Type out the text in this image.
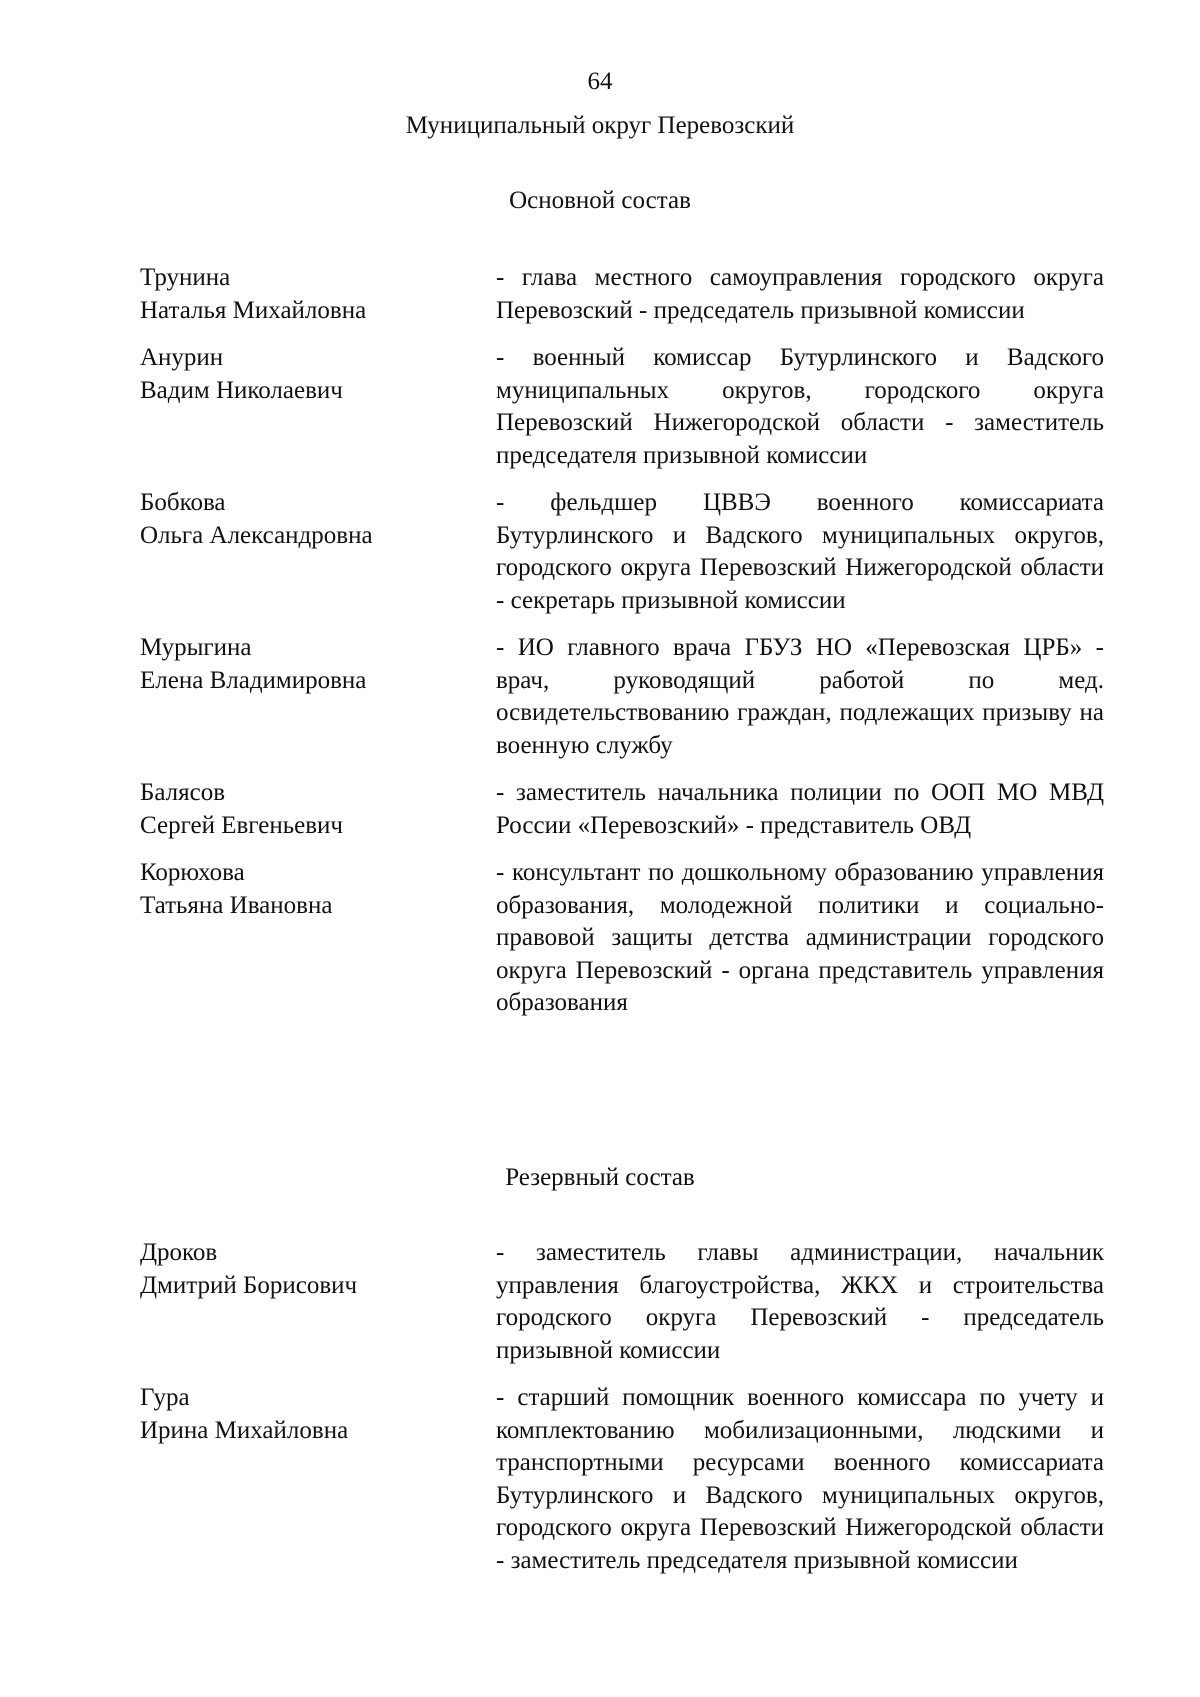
64
Муниципальный округ Перевозский
Основной состав
Трунина
Наталья Михайловна
- глава местного самоуправления городского округа Перевозский - председатель призывной комиссии
Анурин
Вадим Николаевич
- военный комиссар Бутурлинского и Вадского муниципальных округов, городского округа Перевозский Нижегородской области - заместитель председателя призывной комиссии
Бобкова
Ольга Александровна
- фельдшер ЦВВЭ военного комиссариата Бутурлинского и Вадского муниципальных округов, городского округа Перевозский Нижегородской области - секретарь призывной комиссии
Мурыгина
Елена Владимировна
- ИО главного врача ГБУЗ НО «Перевозская ЦРБ» - врач, руководящий работой по мед. освидетельствованию граждан, подлежащих призыву на военную службу
Балясов
Сергей Евгеньевич
- заместитель начальника полиции по ООП МО МВД России «Перевозский» - представитель ОВД
Корюхова
Татьяна Ивановна
- консультант по дошкольному образованию управления образования, молодежной политики и социально-правовой защиты детства администрации городского округа Перевозский - органа представитель управления образования
Резервный состав
Дроков
Дмитрий Борисович
- заместитель главы администрации, начальник управления благоустройства, ЖКХ и строительства городского округа Перевозский - председатель призывной комиссии
Гура
Ирина Михайловна
- старший помощник военного комиссара по учету и комплектованию мобилизационными, людскими и транспортными ресурсами военного комиссариата Бутурлинского и Вадского муниципальных округов, городского округа Перевозский Нижегородской области - заместитель председателя призывной комиссии
